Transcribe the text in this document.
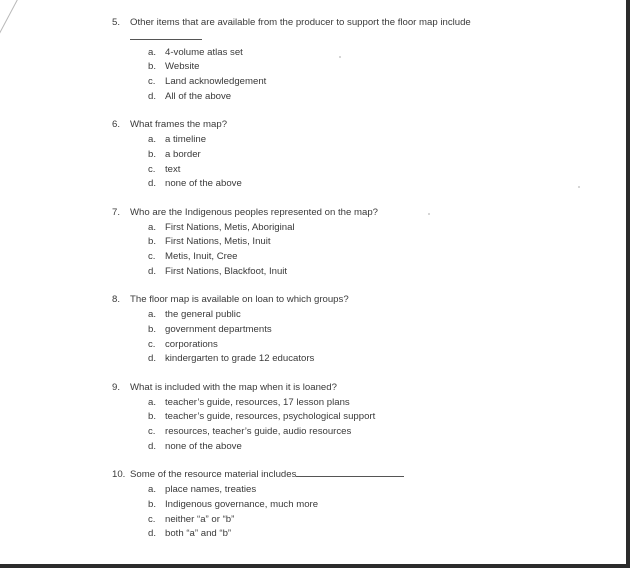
5. Other items that are available from the producer to support the floor map include
a. 4-volume atlas set
b. Website
c. Land acknowledgement
d. All of the above
6. What frames the map?
a. a timeline
b. a border
c. text
d. none of the above
7. Who are the Indigenous peoples represented on the map?
a. First Nations, Metis, Aboriginal
b. First Nations, Metis, Inuit
c. Metis, Inuit, Cree
d. First Nations, Blackfoot, Inuit
8. The floor map is available on loan to which groups?
a. the general public
b. government departments
c. corporations
d. kindergarten to grade 12 educators
9. What is included with the map when it is loaned?
a. teacher’s guide, resources, 17 lesson plans
b. teacher’s guide, resources, psychological support
c. resources, teacher’s guide, audio resources
d. none of the above
10. Some of the resource material includes
a. place names, treaties
b. Indigenous governance, much more
c. neither “a” or “b”
d. both “a” and “b”
